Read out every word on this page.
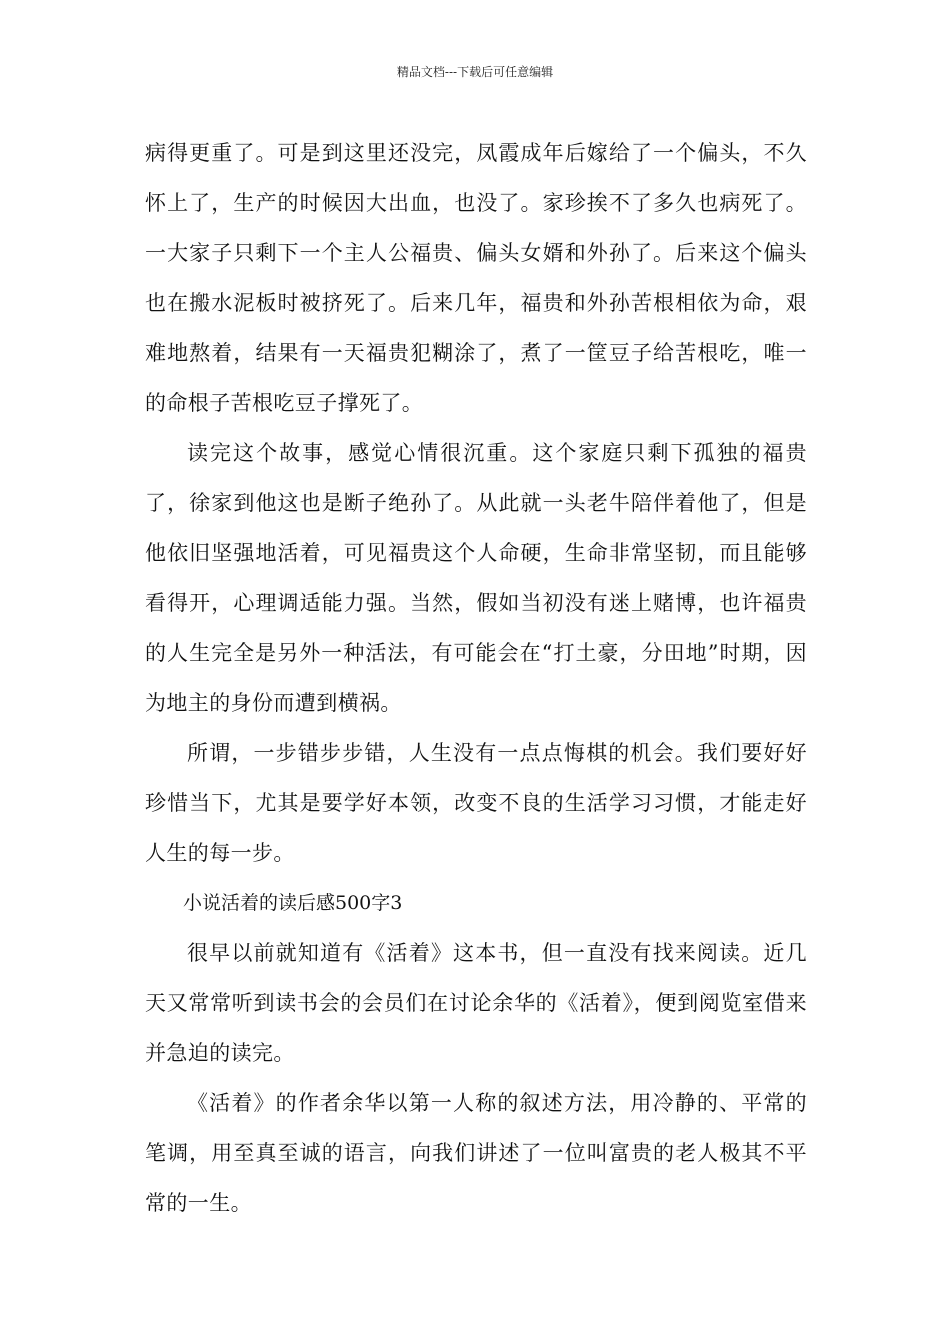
精品文档---下载后可任意编辑

病得更重了。可是到这里还没完，凤霞成年后嫁给了一个偏头，不久怀上了，生产的时候因大出血，也没了。家珍挨不了多久也病死了。一大家子只剩下一个主人公福贵、偏头女婿和外孙了。后来这个偏头也在搬水泥板时被挤死了。后来几年，福贵和外孙苦根相依为命，艰难地熬着，结果有一天福贵犯糊涂了，煮了一筐豆子给苦根吃，唯一的命根子苦根吃豆子撑死了。

读完这个故事，感觉心情很沉重。这个家庭只剩下孤独的福贵了，徐家到他这也是断子绝孙了。从此就一头老牛陪伴着他了，但是他依旧坚强地活着，可见福贵这个人命硬，生命非常坚韧，而且能够看得开，心理调适能力强。当然，假如当初没有迷上赌博，也许福贵的人生完全是另外一种活法，有可能会在“打土豪，分田地”时期，因为地主的身份而遭到横祸。

所谓，一步错步步错，人生没有一点点悔棋的机会。我们要好好珍惜当下，尤其是要学好本领，改变不良的生活学习习惯，才能走好人生的每一步。

小说活着的读后感500字3

很早以前就知道有《活着》这本书，但一直没有找来阅读。近几天又常常听到读书会的会员们在讨论余华的《活着》，便到阅览室借来并急迫的读完。

《活着》的作者余华以第一人称的叙述方法，用冷静的、平常的笔调，用至真至诚的语言，向我们讲述了一位叫富贵的老人极其不平常的一生。
